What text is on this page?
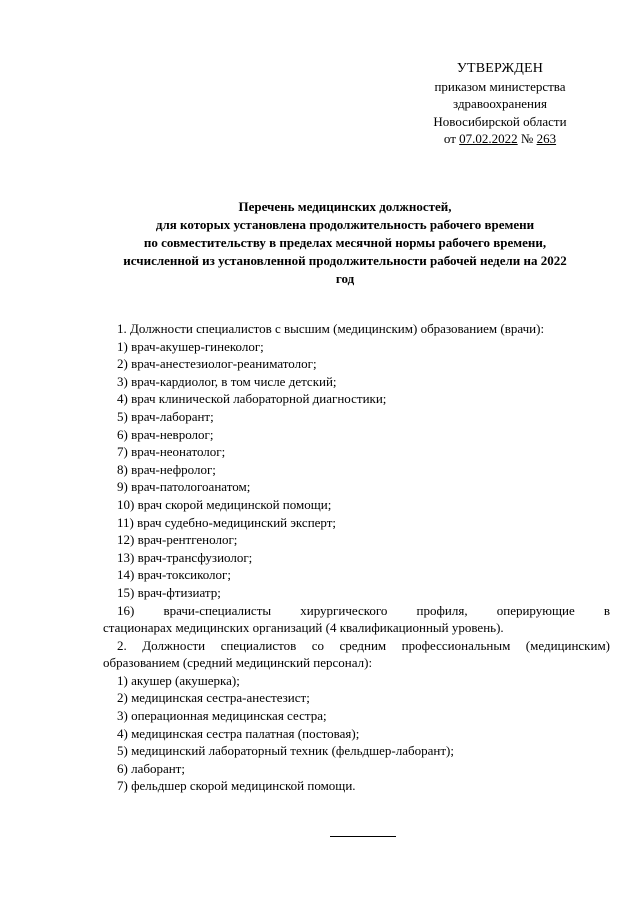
УТВЕРЖДЕН
приказом министерства
здравоохранения
Новосибирской области
от 07.02.2022 № 263
Перечень медицинских должностей,
для которых установлена продолжительность рабочего времени
по совместительству в пределах месячной нормы рабочего времени,
исчисленной из установленной продолжительности рабочей недели на 2022
год
1. Должности специалистов с высшим (медицинским) образованием (врачи):
1) врач-акушер-гинеколог;
2) врач-анестезиолог-реаниматолог;
3) врач-кардиолог, в том числе детский;
4) врач клинической лабораторной диагностики;
5) врач-лаборант;
6) врач-невролог;
7) врач-неонатолог;
8) врач-нефролог;
9) врач-патологоанатом;
10) врач скорой медицинской помощи;
11) врач судебно-медицинский эксперт;
12) врач-рентгенолог;
13) врач-трансфузиолог;
14) врач-токсиколог;
15) врач-фтизиатр;
16) врачи-специалисты хирургического профиля, оперирующие в
стационарах медицинских организаций (4 квалификационный уровень).
2. Должности специалистов со средним профессиональным (медицинским)
образованием (средний медицинский персонал):
1) акушер (акушерка);
2) медицинская сестра-анестезист;
3) операционная медицинская сестра;
4) медицинская сестра палатная (постовая);
5) медицинский лабораторный техник (фельдшер-лаборант);
6) лаборант;
7) фельдшер скорой медицинской помощи.
